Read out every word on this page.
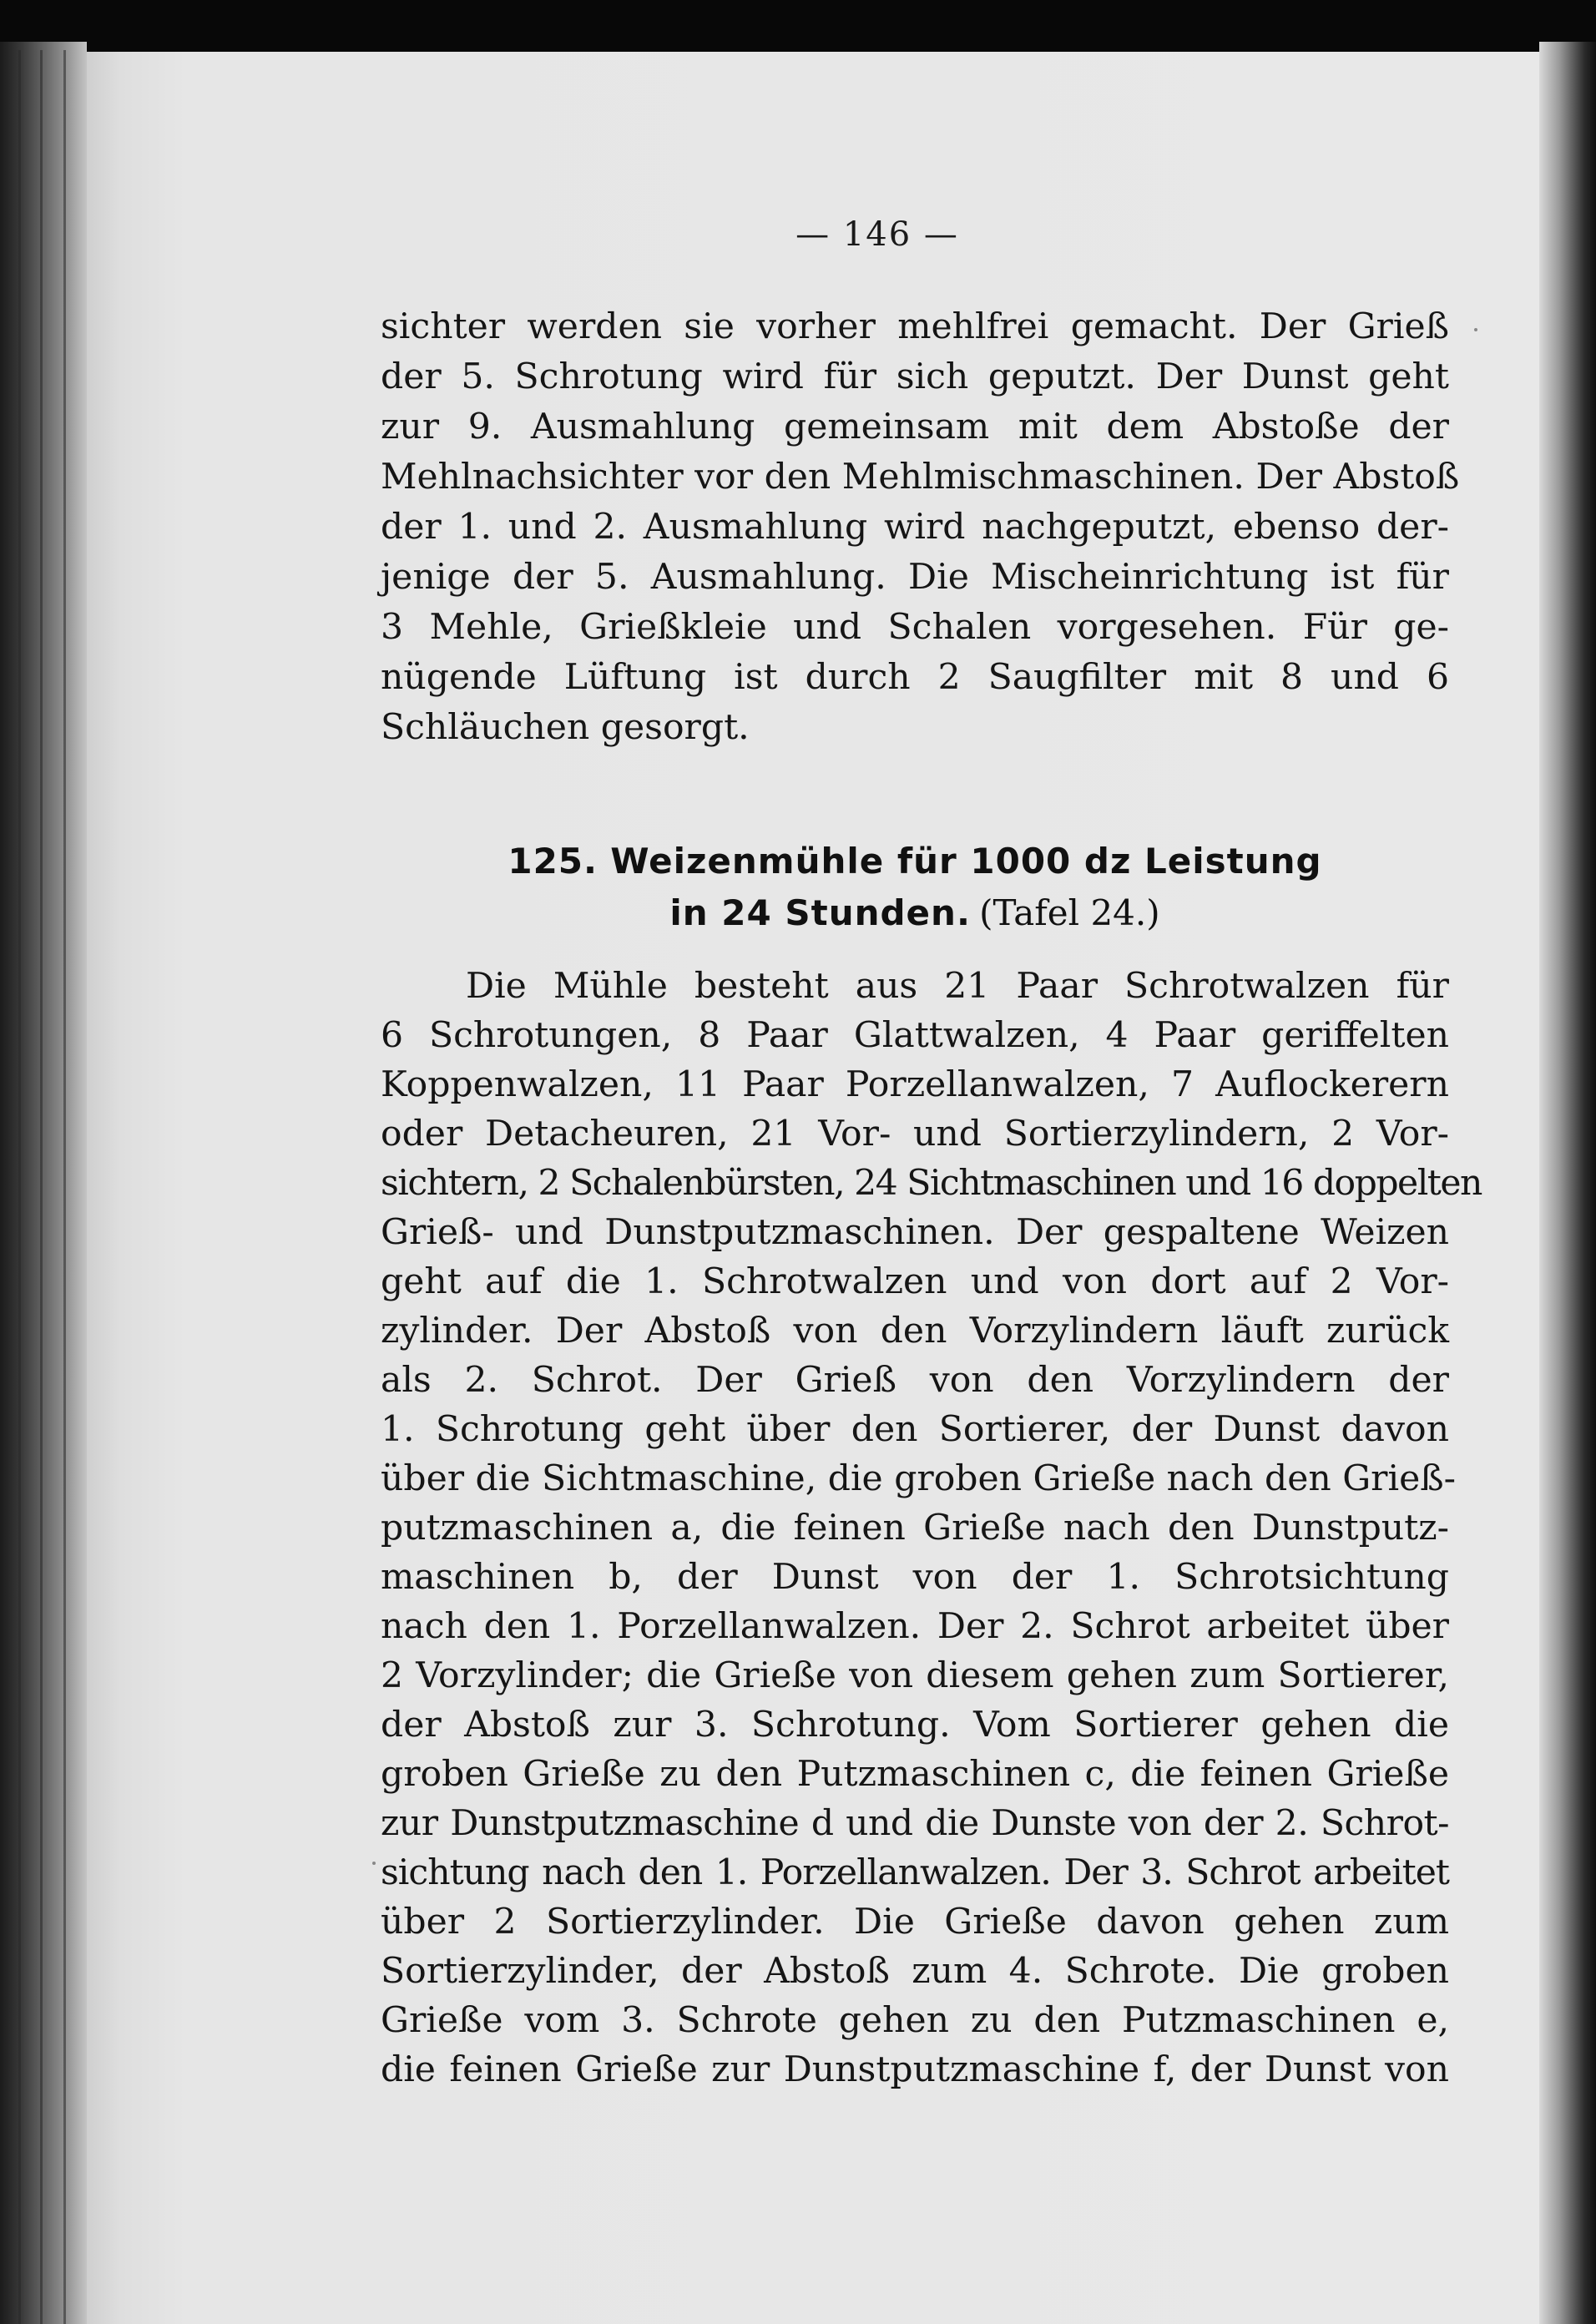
— 146 —
sichter werden sie vorher mehlfrei gemacht. Der Grieß
der 5. Schrotung wird für sich geputzt. Der Dunst geht
zur 9. Ausmahlung gemeinsam mit dem Abstoße der
Mehlnachsichter vor den Mehlmischmaschinen. Der Abstoß
der 1. und 2. Ausmahlung wird nachgeputzt, ebenso der-
jenige der 5. Ausmahlung. Die Mischeinrichtung ist für
3 Mehle, Grießkleie und Schalen vorgesehen. Für ge-
nügende Lüftung ist durch 2 Saugfilter mit 8 und 6
Schläuchen gesorgt.
125. Weizenmühle für 1000 dz Leistung
in 24 Stunden. (Tafel 24.)
Die Mühle besteht aus 21 Paar Schrotwalzen für
6 Schrotungen, 8 Paar Glattwalzen, 4 Paar geriffelten
Koppenwalzen, 11 Paar Porzellanwalzen, 7 Auflockerern
oder Detacheuren, 21 Vor- und Sortierzylindern, 2 Vor-
sichtern, 2 Schalenbürsten, 24 Sichtmaschinen und 16 doppelten
Grieß- und Dunstputzmaschinen. Der gespaltene Weizen
geht auf die 1. Schrotwalzen und von dort auf 2 Vor-
zylinder. Der Abstoß von den Vorzylindern läuft zurück
als 2. Schrot. Der Grieß von den Vorzylindern der
1. Schrotung geht über den Sortierer, der Dunst davon
über die Sichtmaschine, die groben Grieße nach den Grieß-
putzmaschinen a, die feinen Grieße nach den Dunstputz-
maschinen b, der Dunst von der 1. Schrotsichtung
nach den 1. Porzellanwalzen. Der 2. Schrot arbeitet über
2 Vorzylinder; die Grieße von diesem gehen zum Sortierer,
der Abstoß zur 3. Schrotung. Vom Sortierer gehen die
groben Grieße zu den Putzmaschinen c, die feinen Grieße
zur Dunstputzmaschine d und die Dunste von der 2. Schrot-
sichtung nach den 1. Porzellanwalzen. Der 3. Schrot arbeitet
über 2 Sortierzylinder. Die Grieße davon gehen zum
Sortierzylinder, der Abstoß zum 4. Schrote. Die groben
Grieße vom 3. Schrote gehen zu den Putzmaschinen e,
die feinen Grieße zur Dunstputzmaschine f, der Dunst von
